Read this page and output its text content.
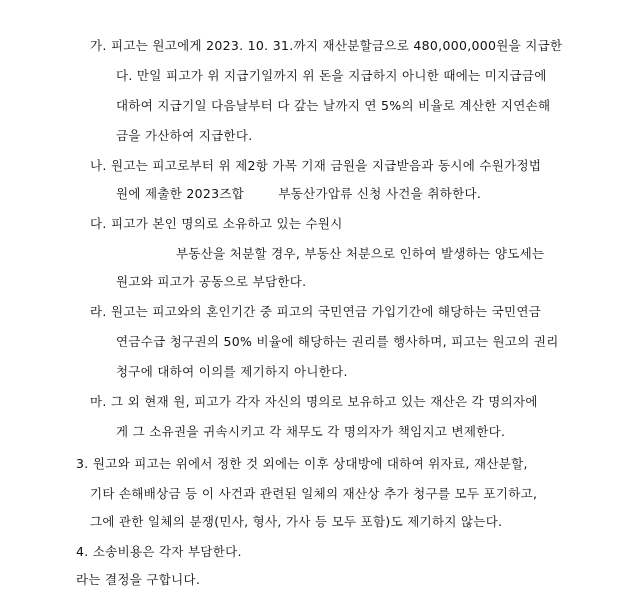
가. 피고는 원고에게 2023. 10. 31.까지 재산분할금으로 480,000,000원을 지급한
다. 만일 피고가 위 지급기일까지 위 돈을 지급하지 아니한 때에는 미지급금에
대하여 지급기일 다음날부터 다 갚는 날까지 연 5%의 비율로 계산한 지연손해
금을 가산하여 지급한다.
나. 원고는 피고로부터 위 제2항 가목 기재 금원을 지급받음과 동시에 수원가정법
원에 제출한 2023즈합        부동산가압류 신청 사건을 취하한다.
다. 피고가 본인 명의로 소유하고 있는 수원시
부동산을 처분할 경우, 부동산 처분으로 인하여 발생하는 양도세는
원고와 피고가 공동으로 부담한다.
라. 원고는 피고와의 혼인기간 중 피고의 국민연금 가입기간에 해당하는 국민연금
연금수급 청구권의 50% 비율에 해당하는 권리를 행사하며, 피고는 원고의 권리
청구에 대하여 이의를 제기하지 아니한다.
마. 그 외 현재 원, 피고가 각자 자신의 명의로 보유하고 있는 재산은 각 명의자에
게 그 소유권을 귀속시키고 각 채무도 각 명의자가 책임지고 변제한다.
3. 원고와 피고는 위에서 정한 것 외에는 이후 상대방에 대하여 위자료, 재산분할,
기타 손해배상금 등 이 사건과 관련된 일체의 재산상 추가 청구를 모두 포기하고,
그에 관한 일체의 분쟁(민사, 형사, 가사 등 모두 포함)도 제기하지 않는다.
4. 소송비용은 각자 부담한다.
라는 결정을 구합니다.
